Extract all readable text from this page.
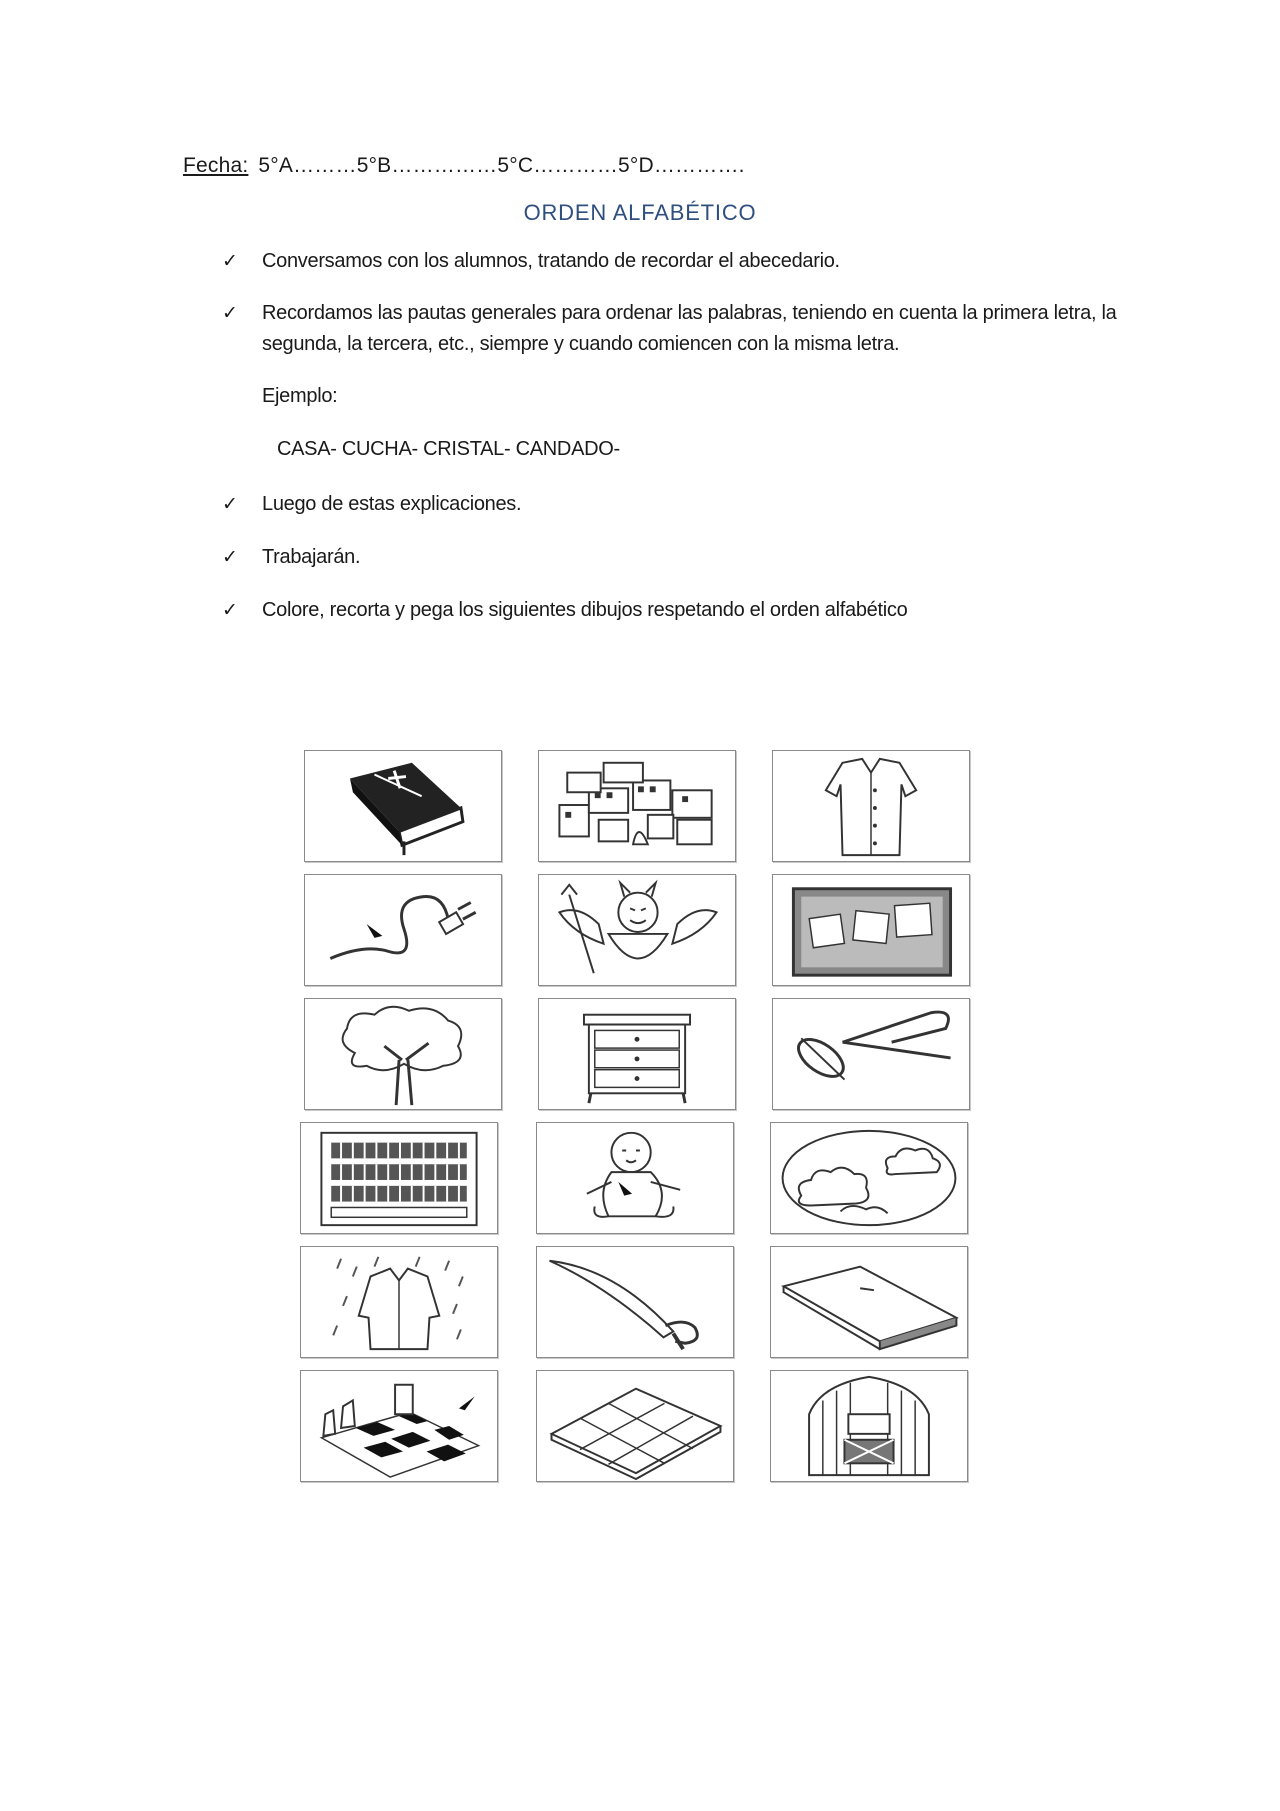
Fecha: 5°A………5°B……………5°C…………5°D………….
ORDEN ALFABÉTICO
✓ Conversamos con los alumnos, tratando de recordar el abecedario.
✓ Recordamos las pautas generales para ordenar las palabras, teniendo en cuenta la primera letra, la segunda, la tercera, etc., siempre y cuando comiencen con la misma letra.
Ejemplo:
CASA- CUCHA- CRISTAL- CANDADO-
✓ Luego de estas explicaciones.
✓ Trabajarán.
✓ Colore, recorta y pega los siguientes dibujos respetando el orden alfabético
